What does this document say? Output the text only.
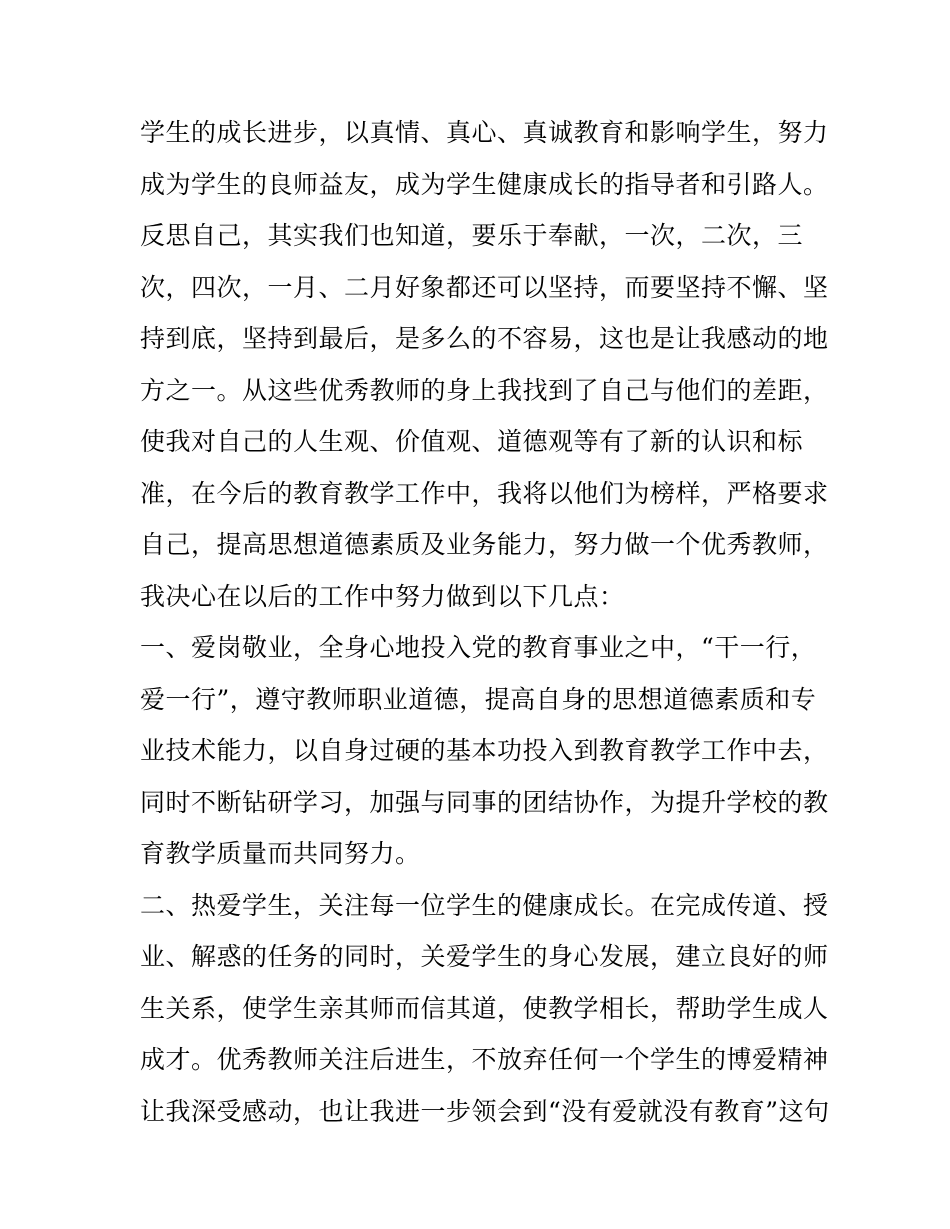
学生的成长进步，以真情、真心、真诚教育和影响学生，努力
成为学生的良师益友，成为学生健康成长的指导者和引路人。
反思自己，其实我们也知道，要乐于奉献，一次，二次，三
次，四次，一月、二月好象都还可以坚持，而要坚持不懈、坚
持到底，坚持到最后，是多么的不容易，这也是让我感动的地
方之一。从这些优秀教师的身上我找到了自己与他们的差距，
使我对自己的人生观、价值观、道德观等有了新的认识和标
准，在今后的教育教学工作中，我将以他们为榜样，严格要求
自己，提高思想道德素质及业务能力，努力做一个优秀教师，
我决心在以后的工作中努力做到以下几点：
一、爱岗敬业，全身心地投入党的教育事业之中，“干一行，
爱一行”，遵守教师职业道德，提高自身的思想道德素质和专
业技术能力，以自身过硬的基本功投入到教育教学工作中去，
同时不断钻研学习，加强与同事的团结协作，为提升学校的教
育教学质量而共同努力。
二、热爱学生，关注每一位学生的健康成长。在完成传道、授
业、解惑的任务的同时，关爱学生的身心发展，建立良好的师
生关系，使学生亲其师而信其道，使教学相长，帮助学生成人
成才。优秀教师关注后进生，不放弃任何一个学生的博爱精神
让我深受感动，也让我进一步领会到“没有爱就没有教育”这句
